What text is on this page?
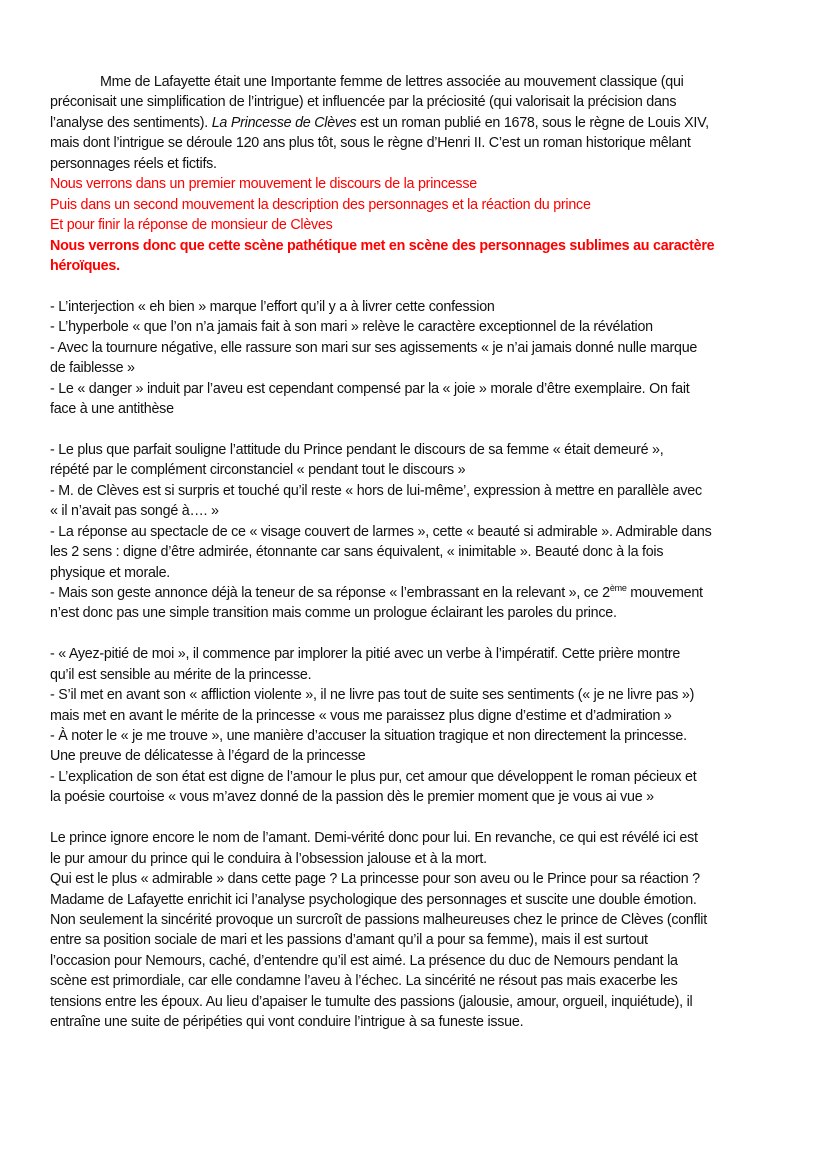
Mme de Lafayette était une Importante femme de lettres associée au mouvement classique (qui
préconisait une simplification de l’intrigue) et influencée par la préciosité (qui valorisait la précision dans
l’analyse des sentiments). La Princesse de Clèves est un roman publié en 1678, sous le règne de Louis XIV,
mais dont l’intrigue se déroule 120 ans plus tôt, sous le règne d’Henri II. C’est un roman historique mêlant
personnages réels et fictifs.
Nous verrons dans un premier mouvement le discours de la princesse
Puis dans un second mouvement la description des personnages et la réaction du prince
Et pour finir la réponse de monsieur de Clèves
Nous verrons donc que cette scène pathétique met en scène des personnages sublimes au caractère
héroïques.
- L’interjection « eh bien » marque l’effort qu’il y a à livrer cette confession
- L’hyperbole « que l’on n’a jamais fait à son mari » relève le caractère exceptionnel de la révélation
- Avec la tournure négative, elle rassure son mari sur ses agissements « je n’ai jamais donné nulle marque
de faiblesse »
- Le « danger » induit par l’aveu est cependant compensé par la « joie » morale d’être exemplaire. On fait
face à une antithèse
- Le plus que parfait souligne l’attitude du Prince pendant le discours de sa femme « était demeuré »,
répété par le complément circonstanciel « pendant tout le discours »
- M. de Clèves est si surpris et touché qu’il reste « hors de lui-même’, expression à mettre en parallèle avec
« il n’avait pas songé à…. »
- La réponse au spectacle de ce « visage couvert de larmes », cette « beauté si admirable ». Admirable dans
les 2 sens : digne d’être admirée, étonnante car sans équivalent, « inimitable ». Beauté donc à la fois
physique et morale.
- Mais son geste annonce déjà la teneur de sa réponse « l’embrassant en la relevant », ce 2ème mouvement
n’est donc pas une simple transition mais comme un prologue éclairant les paroles du prince.
- « Ayez-pitié de moi », il commence par implorer la pitié avec un verbe à l’impératif. Cette prière montre
qu’il est sensible au mérite de la princesse.
- S’il met en avant son « affliction violente », il ne livre pas tout de suite ses sentiments (« je ne livre pas »)
mais met en avant le mérite de la princesse « vous me paraissez plus digne d’estime et d’admiration »
- À noter le « je me trouve », une manière d’accuser la situation tragique et non directement la princesse.
Une preuve de délicatesse à l’égard de la princesse
- L’explication de son état est digne de l’amour le plus pur, cet amour que développent le roman pécieux et
la poésie courtoise « vous m’avez donné de la passion dès le premier moment que je vous ai vue »
Le prince ignore encore le nom de l’amant. Demi-vérité donc pour lui. En revanche, ce qui est révélé ici est
le pur amour du prince qui le conduira à l’obsession jalouse et à la mort.
Qui est le plus « admirable » dans cette page ? La princesse pour son aveu ou le Prince pour sa réaction ?
Madame de Lafayette enrichit ici l’analyse psychologique des personnages et suscite une double émotion.
Non seulement la sincérité provoque un surcroît de passions malheureuses chez le prince de Clèves (conflit
entre sa position sociale de mari et les passions d’amant qu’il a pour sa femme), mais il est surtout
l’occasion pour Nemours, caché, d’entendre qu’il est aimé. La présence du duc de Nemours pendant la
scène est primordiale, car elle condamne l’aveu à l’échec. La sincérité ne résout pas mais exacerbe les
tensions entre les époux. Au lieu d’apaiser le tumulte des passions (jalousie, amour, orgueil, inquiétude), il
entraîne une suite de péripéties qui vont conduire l’intrigue à sa funeste issue.
